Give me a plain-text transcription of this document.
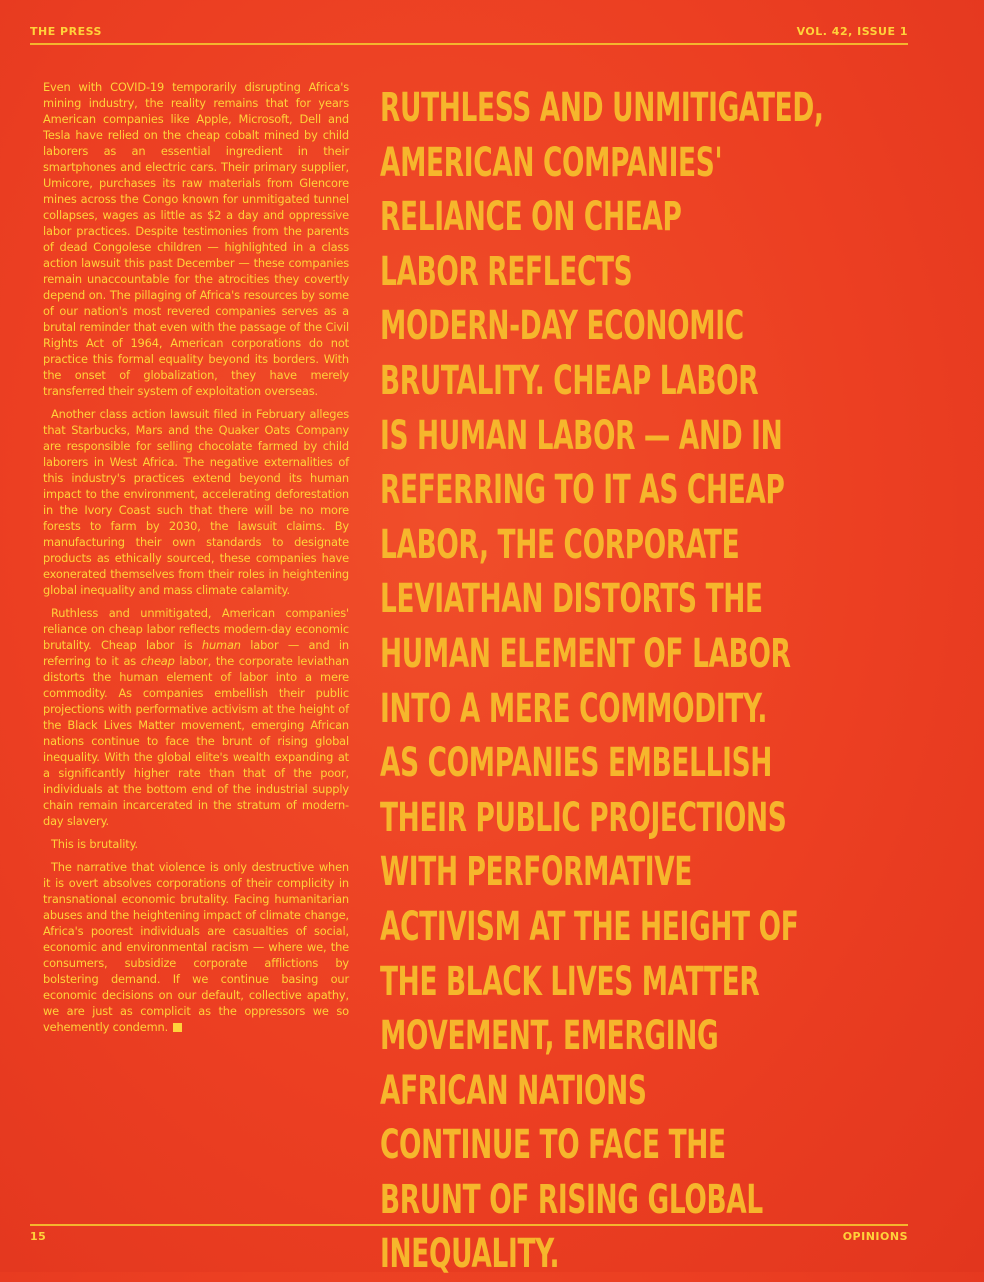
THE PRESS	VOL. 42, ISSUE 1

Even with COVID-19 temporarily disrupting Africa's mining industry, the reality remains that for years American companies like Apple, Microsoft, Dell and Tesla have relied on the cheap cobalt mined by child laborers as an essential ingredient in their smartphones and electric cars. Their primary supplier, Umicore, purchases its raw materials from Glencore mines across the Congo known for unmitigated tunnel collapses, wages as little as $2 a day and oppressive labor practices. Despite testimonies from the parents of dead Congolese children — highlighted in a class action lawsuit this past December — these companies remain unaccountable for the atrocities they covertly depend on. The pillaging of Africa's resources by some of our nation's most revered companies serves as a brutal reminder that even with the passage of the Civil Rights Act of 1964, American corporations do not practice this formal equality beyond its borders. With the onset of globalization, they have merely transferred their system of exploitation overseas.

Another class action lawsuit filed in February alleges that Starbucks, Mars and the Quaker Oats Company are responsible for selling chocolate farmed by child laborers in West Africa. The negative externalities of this industry's practices extend beyond its human impact to the environment, accelerating deforestation in the Ivory Coast such that there will be no more forests to farm by 2030, the lawsuit claims. By manufacturing their own standards to designate products as ethically sourced, these companies have exonerated themselves from their roles in heightening global inequality and mass climate calamity.

Ruthless and unmitigated, American companies' reliance on cheap labor reflects modern-day economic brutality. Cheap labor is human labor — and in referring to it as cheap labor, the corporate leviathan distorts the human element of labor into a mere commodity. As companies embellish their public projections with performative activism at the height of the Black Lives Matter movement, emerging African nations continue to face the brunt of rising global inequality. With the global elite's wealth expanding at a significantly higher rate than that of the poor, individuals at the bottom end of the industrial supply chain remain incarcerated in the stratum of modern-day slavery.

This is brutality.

The narrative that violence is only destructive when it is overt absolves corporations of their complicity in transnational economic brutality. Facing humanitarian abuses and the heightening impact of climate change, Africa's poorest individuals are casualties of social, economic and environmental racism — where we, the consumers, subsidize corporate afflictions by bolstering demand. If we continue basing our economic decisions on our default, collective apathy, we are just as complicit as the oppressors we so vehemently condemn.

RUTHLESS AND UNMITIGATED,
AMERICAN COMPANIES'
RELIANCE ON CHEAP
LABOR REFLECTS
MODERN-DAY ECONOMIC
BRUTALITY. CHEAP LABOR
IS HUMAN LABOR — AND IN
REFERRING TO IT AS CHEAP
LABOR, THE CORPORATE
LEVIATHAN DISTORTS THE
HUMAN ELEMENT OF LABOR
INTO A MERE COMMODITY.
AS COMPANIES EMBELLISH
THEIR PUBLIC PROJECTIONS
WITH PERFORMATIVE
ACTIVISM AT THE HEIGHT OF
THE BLACK LIVES MATTER
MOVEMENT, EMERGING
AFRICAN NATIONS
CONTINUE TO FACE THE
BRUNT OF RISING GLOBAL
INEQUALITY.
15	OPINIONS
